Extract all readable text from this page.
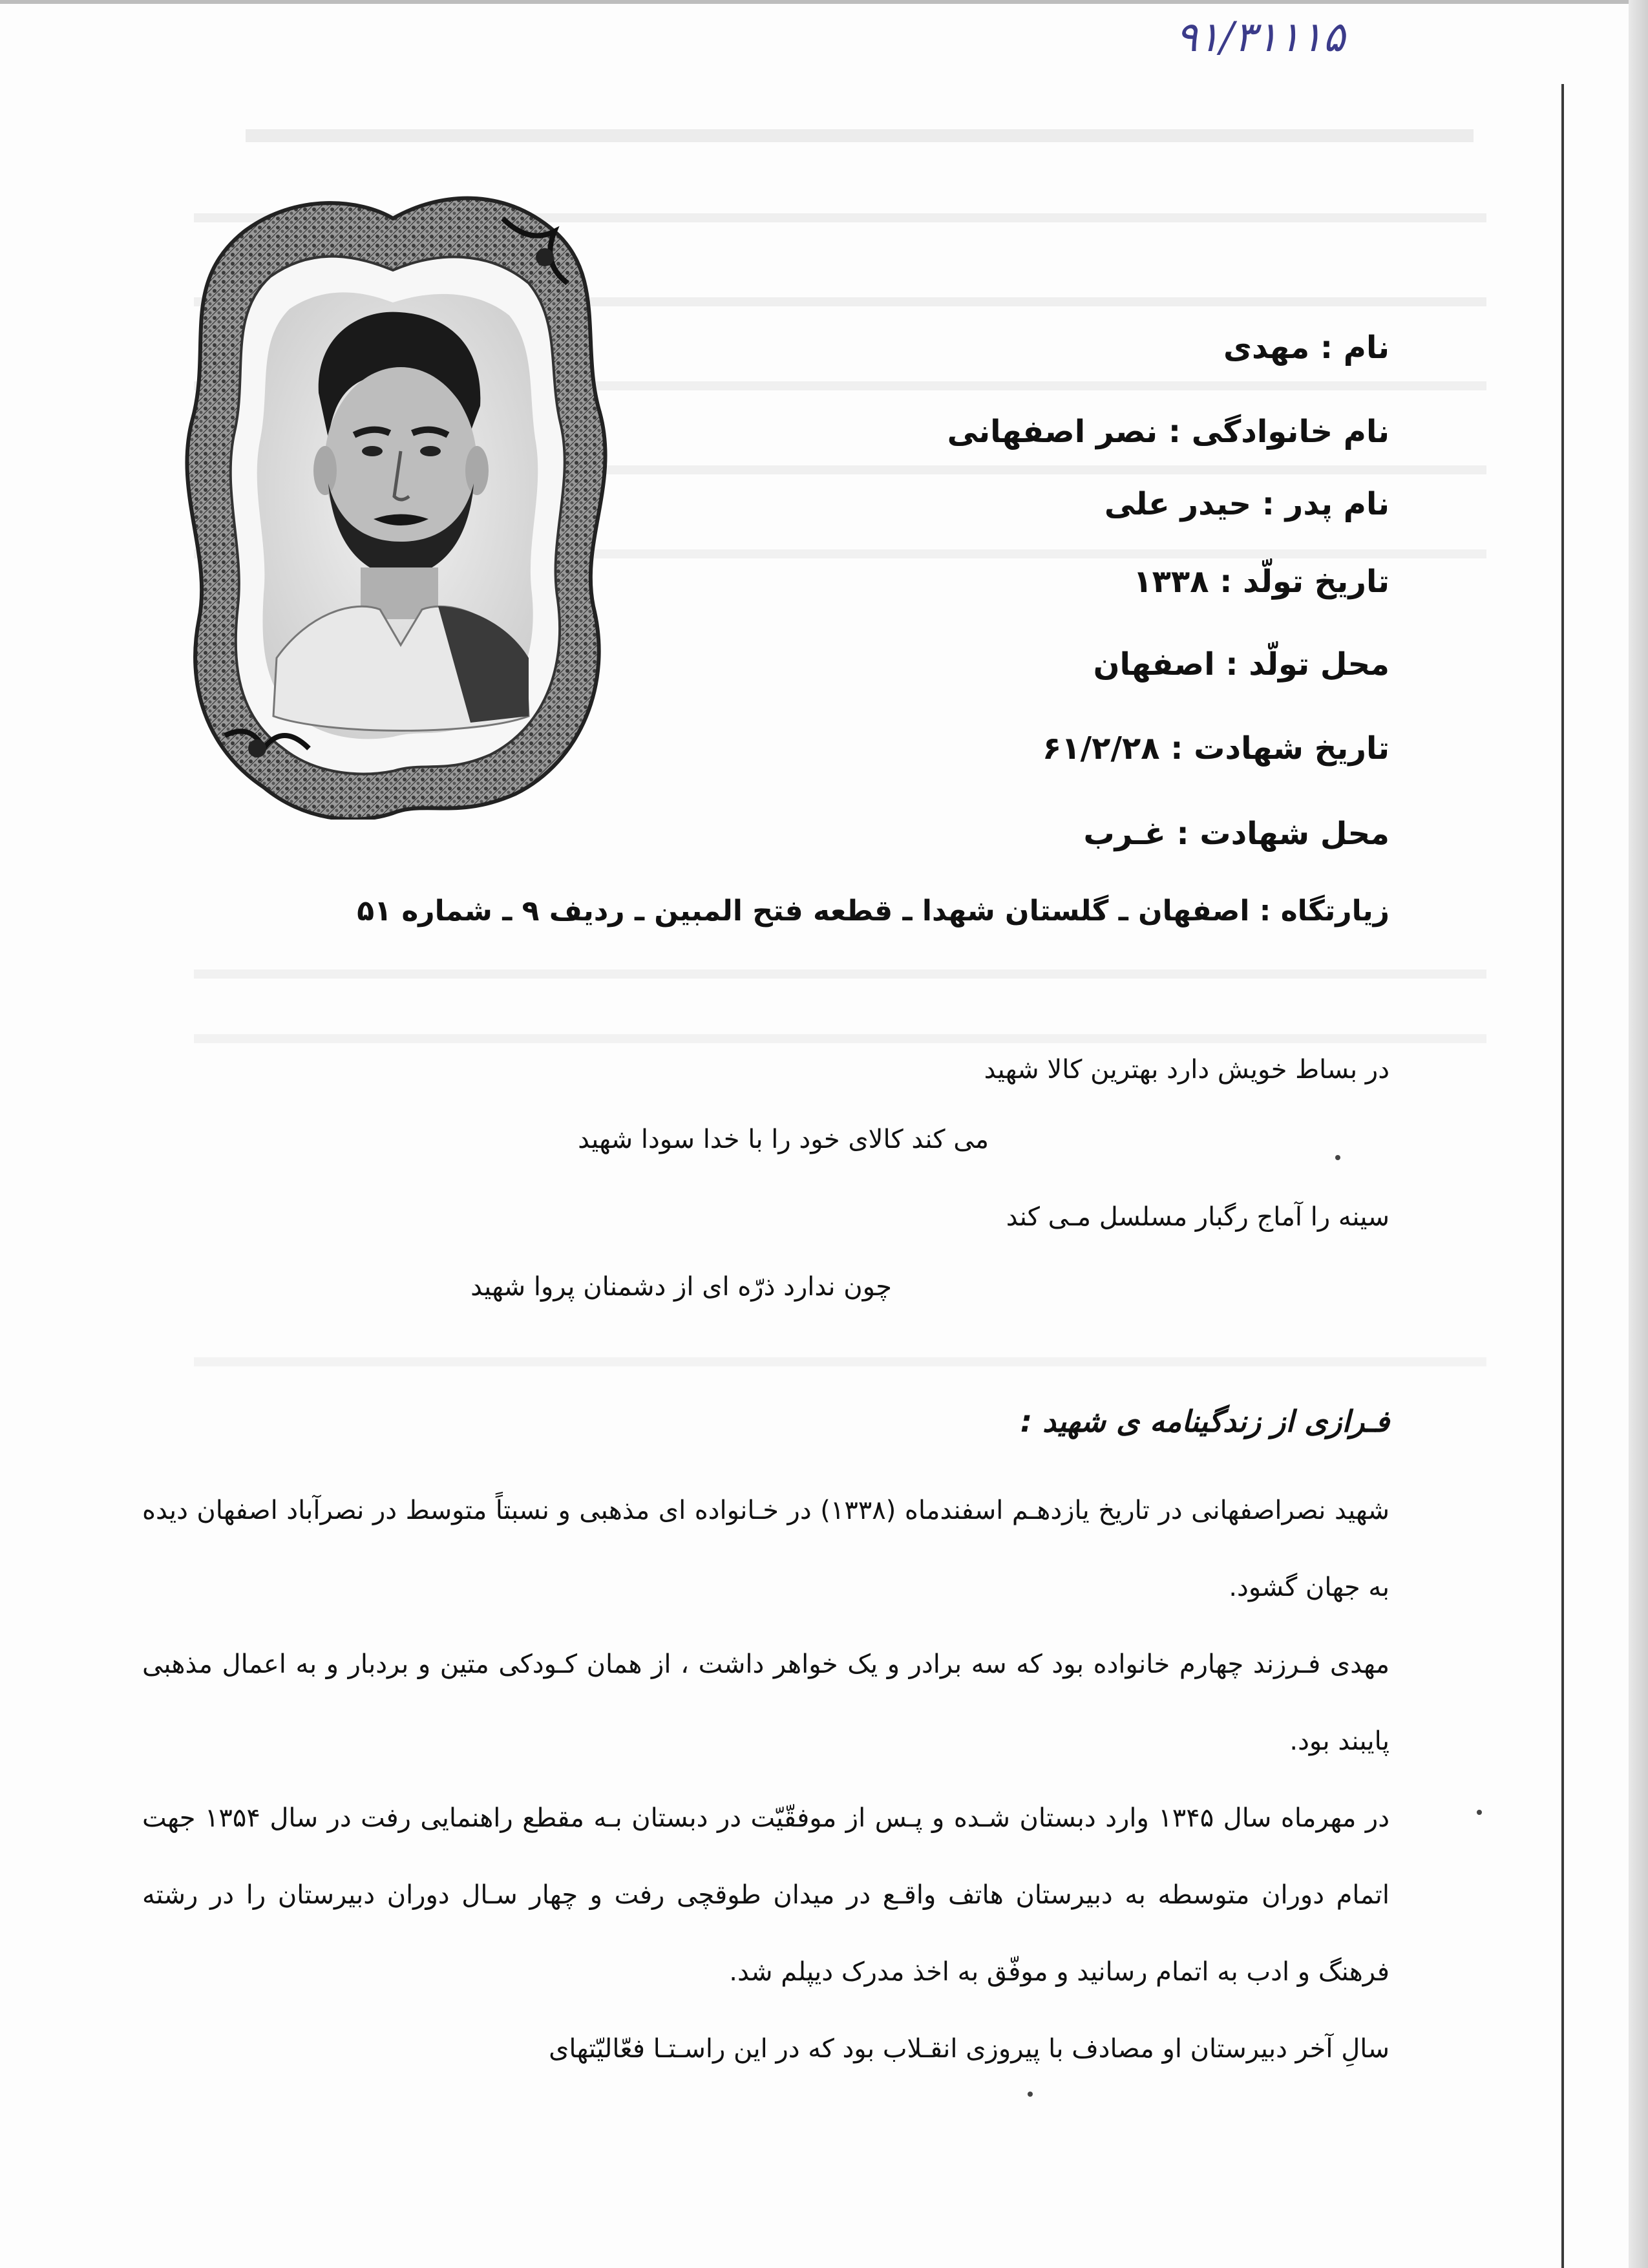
۹۱/۳۱۱۱۵
نام : مهدی
نام خانوادگی : نصر اصفهانی
نام پدر : حیدر علی
تاریخ تولّد : ۱۳۳۸
محل تولّد : اصفهان
تاریخ شهادت : ۶۱/۲/۲۸
محل شهادت : غـرب
زیارتگاه : اصفهان ـ گلستان شهدا ـ قطعه فتح المبین ـ ردیف ۹ ـ شماره ۵۱
در بساط خویش دارد بهترین کالا شهید
می کند کالای خود را با خدا سودا شهید
سینه را آماج رگبار مسلسل مـی کند
چون ندارد ذرّه ای از دشمنان پروا شهید
فـرازی از زندگینامه ی شهید :

شهید نصراصفهانی در تاریخ یازدهـم اسفندماه (۱۳۳۸) در خـانواده ای مذهبی و نسبتاً متوسط در نصرآباد اصفهان دیده به جهان گشود.

مهدی فـرزند چهارم خانواده بود که سه برادر و یک خواهر داشت ، از همان کـودکی متین و بردبار و به اعمال مذهبی پایبند بود.

در مهرماه سال ۱۳۴۵ وارد دبستان شـده و پـس از موفقّیّت در دبستان بـه مقطع راهنمایی رفت در سال ۱۳۵۴ جهت اتمام دوران متوسطه به دبیرستان هاتف واقـع در میدان طوقچی رفت و چهار سـال دوران دبیرستان را در رشته فرهنگ و ادب به اتمام رسانید و موفّق به اخذ مدرک دیپلم شد.

سالِ آخر دبیرستان او مصادف با پیروزی انقـلاب بود که در این راسـتـا فعّالیّتهای
